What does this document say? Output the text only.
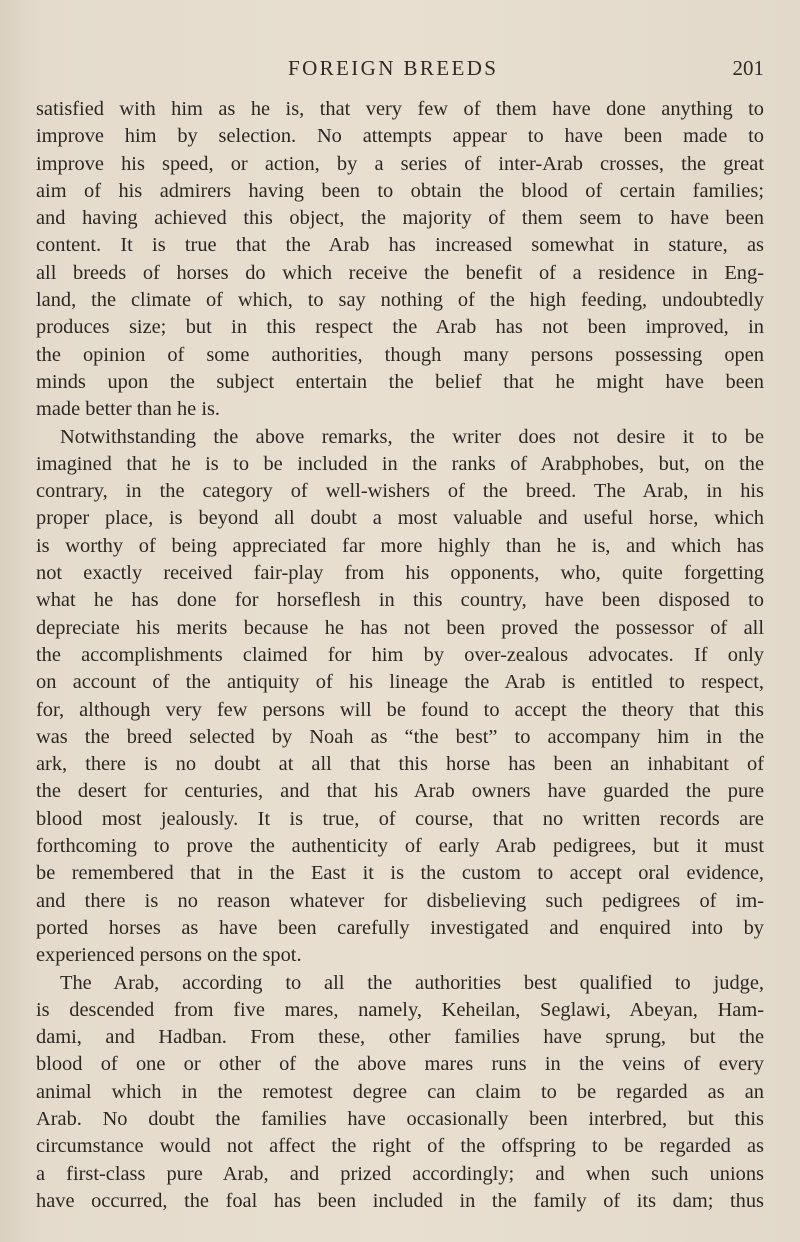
FOREIGN BREEDS	201
satisfied with him as he is, that very few of them have done anything to
improve him by selection. No attempts appear to have been made to
improve his speed, or action, by a series of inter-Arab crosses, the great
aim of his admirers having been to obtain the blood of certain families;
and having achieved this object, the majority of them seem to have been
content. It is true that the Arab has increased somewhat in stature, as
all breeds of horses do which receive the benefit of a residence in Eng-
land, the climate of which, to say nothing of the high feeding, undoubtedly
produces size; but in this respect the Arab has not been improved, in
the opinion of some authorities, though many persons possessing open
minds upon the subject entertain the belief that he might have been
made better than he is.
Notwithstanding the above remarks, the writer does not desire it to be
imagined that he is to be included in the ranks of Arabphobes, but, on the
contrary, in the category of well-wishers of the breed. The Arab, in his
proper place, is beyond all doubt a most valuable and useful horse, which
is worthy of being appreciated far more highly than he is, and which has
not exactly received fair-play from his opponents, who, quite forgetting
what he has done for horseflesh in this country, have been disposed to
depreciate his merits because he has not been proved the possessor of all
the accomplishments claimed for him by over-zealous advocates. If only
on account of the antiquity of his lineage the Arab is entitled to respect,
for, although very few persons will be found to accept the theory that this
was the breed selected by Noah as “the best” to accompany him in the
ark, there is no doubt at all that this horse has been an inhabitant of
the desert for centuries, and that his Arab owners have guarded the pure
blood most jealously. It is true, of course, that no written records are
forthcoming to prove the authenticity of early Arab pedigrees, but it must
be remembered that in the East it is the custom to accept oral evidence,
and there is no reason whatever for disbelieving such pedigrees of im-
ported horses as have been carefully investigated and enquired into by
experienced persons on the spot.
The Arab, according to all the authorities best qualified to judge,
is descended from five mares, namely, Keheilan, Seglawi, Abeyan, Ham-
dami, and Hadban. From these, other families have sprung, but the
blood of one or other of the above mares runs in the veins of every
animal which in the remotest degree can claim to be regarded as an
Arab. No doubt the families have occasionally been interbred, but this
circumstance would not affect the right of the offspring to be regarded as
a first-class pure Arab, and prized accordingly; and when such unions
have occurred, the foal has been included in the family of its dam; thus
